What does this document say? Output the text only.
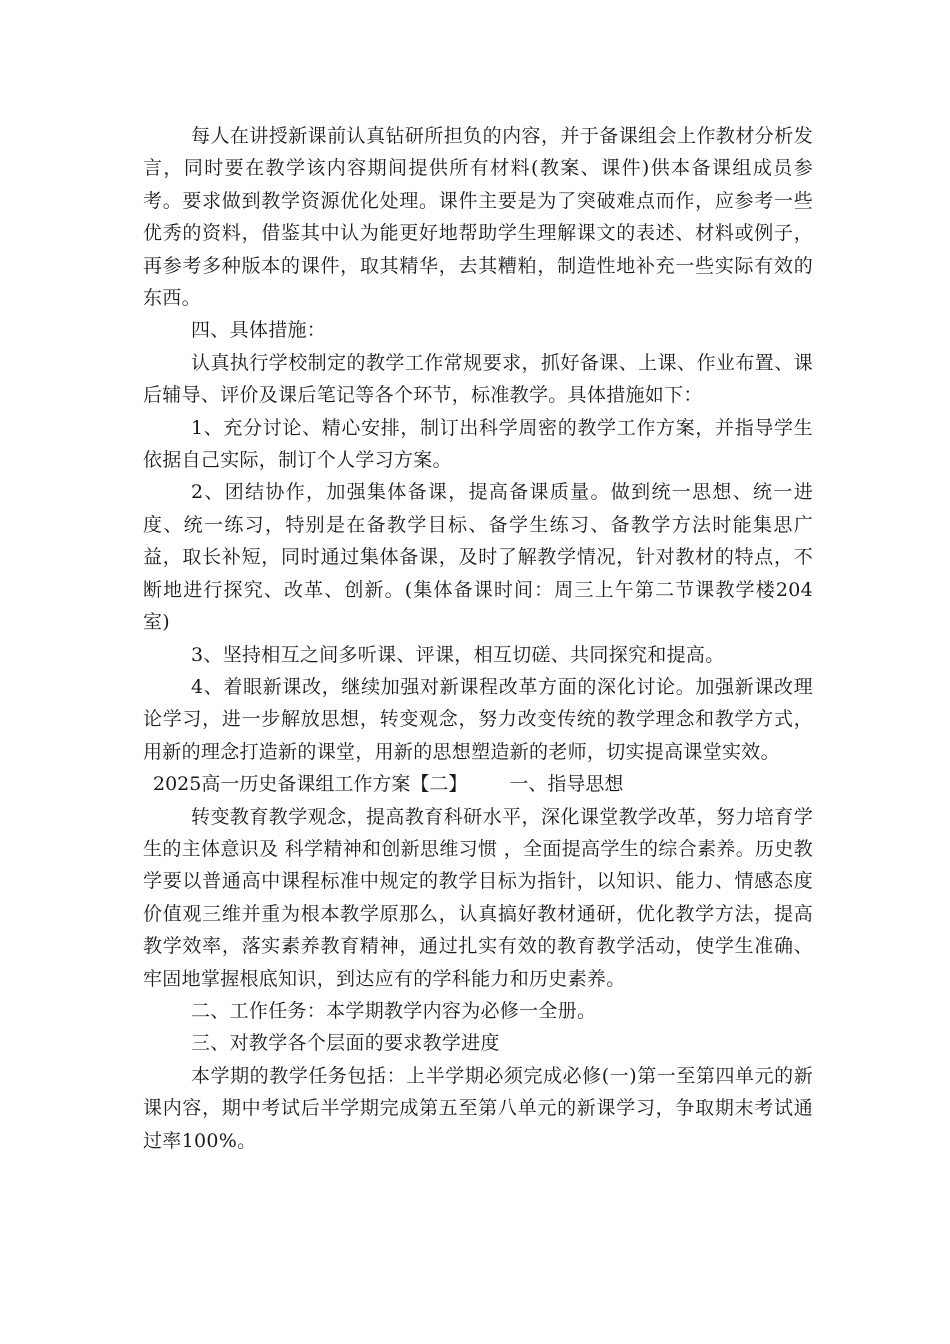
每人在讲授新课前认真钻研所担负的内容，并于备课组会上作教材分析发言，同时要在教学该内容期间提供所有材料(教案、课件)供本备课组成员参考。要求做到教学资源优化处理。课件主要是为了突破难点而作，应参考一些优秀的资料，借鉴其中认为能更好地帮助学生理解课文的表述、材料或例子，再参考多种版本的课件，取其精华，去其糟粕，制造性地补充一些实际有效的东西。

四、具体措施：

认真执行学校制定的教学工作常规要求，抓好备课、上课、作业布置、课后辅导、评价及课后笔记等各个环节，标准教学。具体措施如下：

1、充分讨论、精心安排，制订出科学周密的教学工作方案，并指导学生依据自己实际，制订个人学习方案。

2、团结协作，加强集体备课，提高备课质量。做到统一思想、统一进度、统一练习，特别是在备教学目标、备学生练习、备教学方法时能集思广益，取长补短，同时通过集体备课，及时了解教学情况，针对教材的特点，不断地进行探究、改革、创新。(集体备课时间：周三上午第二节课教学楼204室)

3、坚持相互之间多听课、评课，相互切磋、共同探究和提高。

4、着眼新课改，继续加强对新课程改革方面的深化讨论。加强新课改理论学习，进一步解放思想，转变观念，努力改变传统的教学理念和教学方式，用新的理念打造新的课堂，用新的思想塑造新的老师，切实提高课堂实效。

2025高一历史备课组工作方案【二】 一、指导思想

转变教育教学观念，提高教育科研水平，深化课堂教学改革，努力培育学生的主体意识及 科学精神和创新思维习惯 ，全面提高学生的综合素养。历史教学要以普通高中课程标准中规定的教学目标为指针，以知识、能力、情感态度价值观三维并重为根本教学原那么，认真搞好教材通研，优化教学方法，提高教学效率，落实素养教育精神，通过扎实有效的教育教学活动，使学生准确、牢固地掌握根底知识，到达应有的学科能力和历史素养。

二、工作任务：本学期教学内容为必修一全册。

三、对教学各个层面的要求教学进度

本学期的教学任务包括：上半学期必须完成必修(一)第一至第四单元的新课内容，期中考试后半学期完成第五至第八单元的新课学习，争取期末考试通过率100%。
